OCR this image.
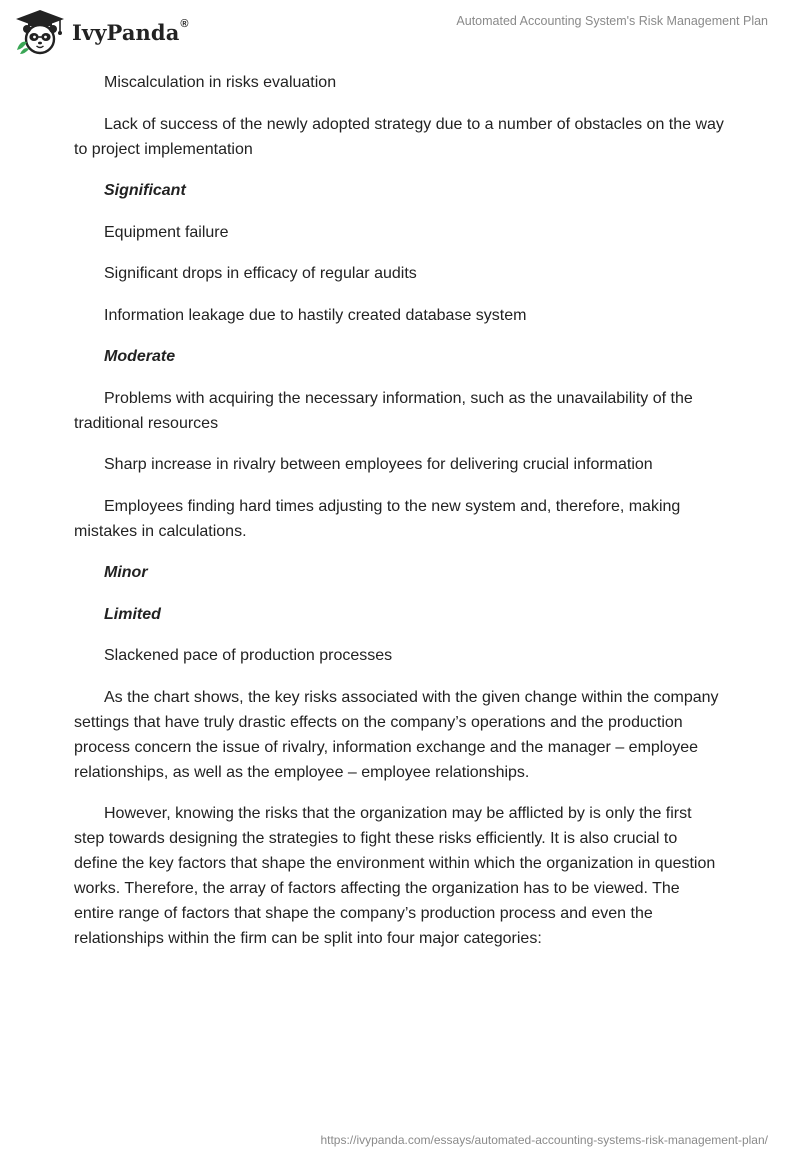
IvyPanda®	Automated Accounting System's Risk Management Plan

Miscalculation in risks evaluation

Lack of success of the newly adopted strategy due to a number of obstacles on the way to project implementation

Significant

Equipment failure

Significant drops in efficacy of regular audits

Information leakage due to hastily created database system

Moderate

Problems with acquiring the necessary information, such as the unavailability of the traditional resources

Sharp increase in rivalry between employees for delivering crucial information

Employees finding hard times adjusting to the new system and, therefore, making mistakes in calculations.

Minor

Limited

Slackened pace of production processes

As the chart shows, the key risks associated with the given change within the company settings that have truly drastic effects on the company’s operations and the production process concern the issue of rivalry, information exchange and the manager – employee relationships, as well as the employee – employee relationships.

However, knowing the risks that the organization may be afflicted by is only the first step towards designing the strategies to fight these risks efficiently. It is also crucial to define the key factors that shape the environment within which the organization in question works. Therefore, the array of factors affecting the organization has to be viewed. The entire range of factors that shape the company’s production process and even the relationships within the firm can be split into four major categories:

https://ivypanda.com/essays/automated-accounting-systems-risk-management-plan/
